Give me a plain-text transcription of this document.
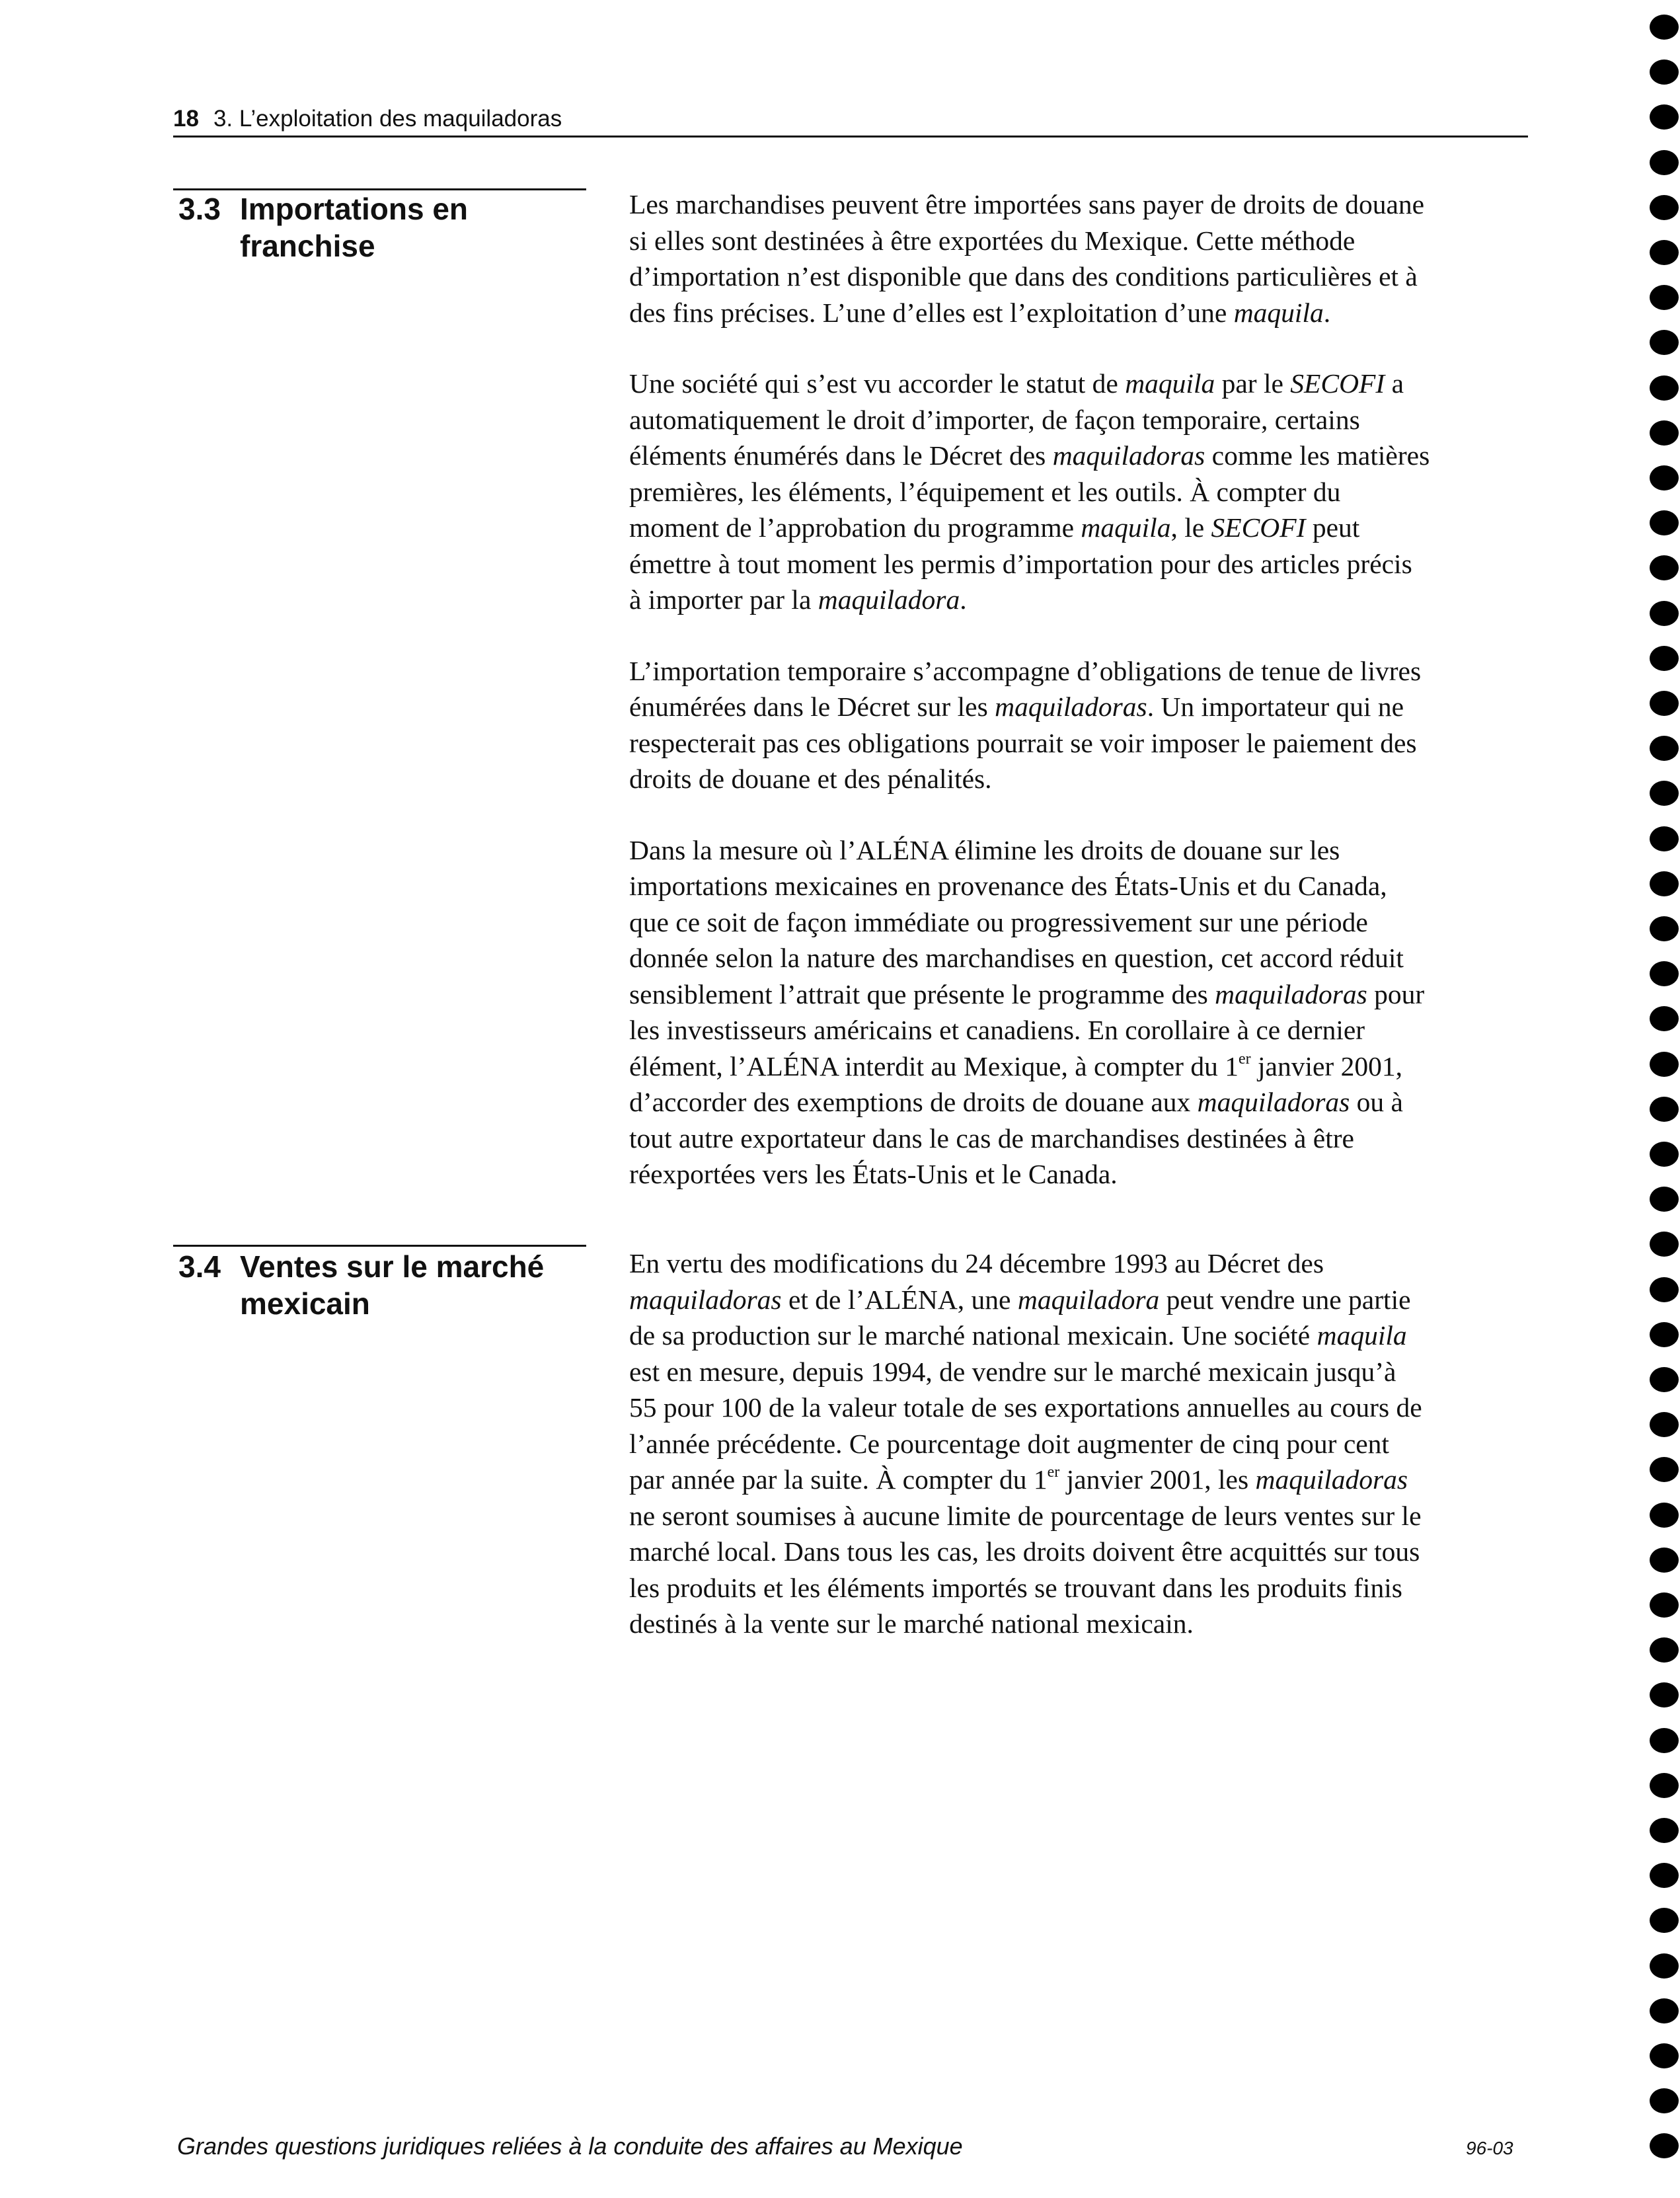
18 3. L’exploitation des maquiladoras
3.3 Importations en
franchise

Les marchandises peuvent être importées sans payer de droits de douane
si elles sont destinées à être exportées du Mexique. Cette méthode
d’importation n’est disponible que dans des conditions particulières et à
des fins précises. L’une d’elles est l’exploitation d’une maquila.

Une société qui s’est vu accorder le statut de maquila par le SECOFI a
automatiquement le droit d’importer, de façon temporaire, certains
éléments énumérés dans le Décret des maquiladoras comme les matières
premières, les éléments, l’équipement et les outils. À compter du
moment de l’approbation du programme maquila, le SECOFI peut
émettre à tout moment les permis d’importation pour des articles précis
à importer par la maquiladora.

L’importation temporaire s’accompagne d’obligations de tenue de livres
énumérées dans le Décret sur les maquiladoras. Un importateur qui ne
respecterait pas ces obligations pourrait se voir imposer le paiement des
droits de douane et des pénalités.

Dans la mesure où l’ALÉNA élimine les droits de douane sur les
importations mexicaines en provenance des États-Unis et du Canada,
que ce soit de façon immédiate ou progressivement sur une période
donnée selon la nature des marchandises en question, cet accord réduit
sensiblement l’attrait que présente le programme des maquiladoras pour
les investisseurs américains et canadiens. En corollaire à ce dernier
élément, l’ALÉNA interdit au Mexique, à compter du 1er janvier 2001,
d’accorder des exemptions de droits de douane aux maquiladoras ou à
tout autre exportateur dans le cas de marchandises destinées à être
réexportées vers les États-Unis et le Canada.

3.4 Ventes sur le marché
mexicain

En vertu des modifications du 24 décembre 1993 au Décret des
maquiladoras et de l’ALÉNA, une maquiladora peut vendre une partie
de sa production sur le marché national mexicain. Une société maquila
est en mesure, depuis 1994, de vendre sur le marché mexicain jusqu’à
55 pour 100 de la valeur totale de ses exportations annuelles au cours de
l’année précédente. Ce pourcentage doit augmenter de cinq pour cent
par année par la suite. À compter du 1er janvier 2001, les maquiladoras
ne seront soumises à aucune limite de pourcentage de leurs ventes sur le
marché local. Dans tous les cas, les droits doivent être acquittés sur tous
les produits et les éléments importés se trouvant dans les produits finis
destinés à la vente sur le marché national mexicain.

Grandes questions juridiques reliées à la conduite des affaires au Mexique	96-03
